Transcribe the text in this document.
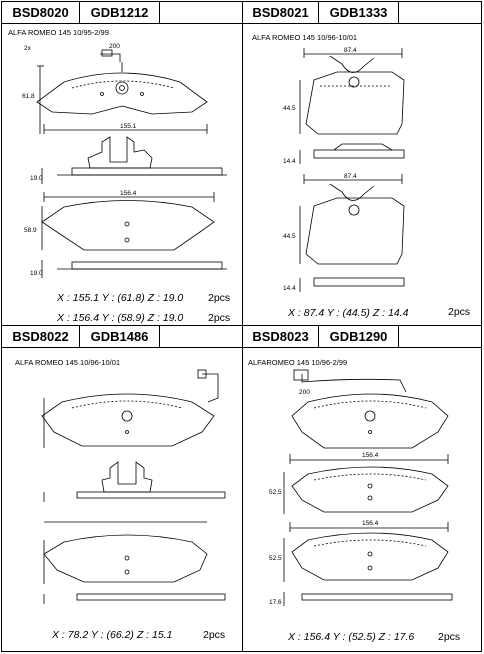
BSD8020	GDB1212	BSD8021	GDB1333
BSD8022	GDB1486	BSD8023	GDB1290
ALFA ROMEO 145 10/95-2/99
ALFA ROMEO 145 10/96-10/01
ALFA ROMEO 145 10/96-10/01	ALFAROMEO 145 10/96-2/99
61.8
155.1
200
2x
19.0
156.4
58.9
19.0
87.4
44.5
14.4
87.4
44.5
14.4
200
156.4
52.5
156.4
52.5
17.6
X : 155.1 Y : (61.8) Z : 19.0 2pcs
X : 156.4 Y : (58.9) Z : 19.0 2pcs	X : 87.4 Y : (44.5) Z : 14.4	2pcs
X : 78.2 Y : (66.2) Z : 15.1	2pcs	X : 156.4 Y : (52.5) Z : 17.6 2pcs
